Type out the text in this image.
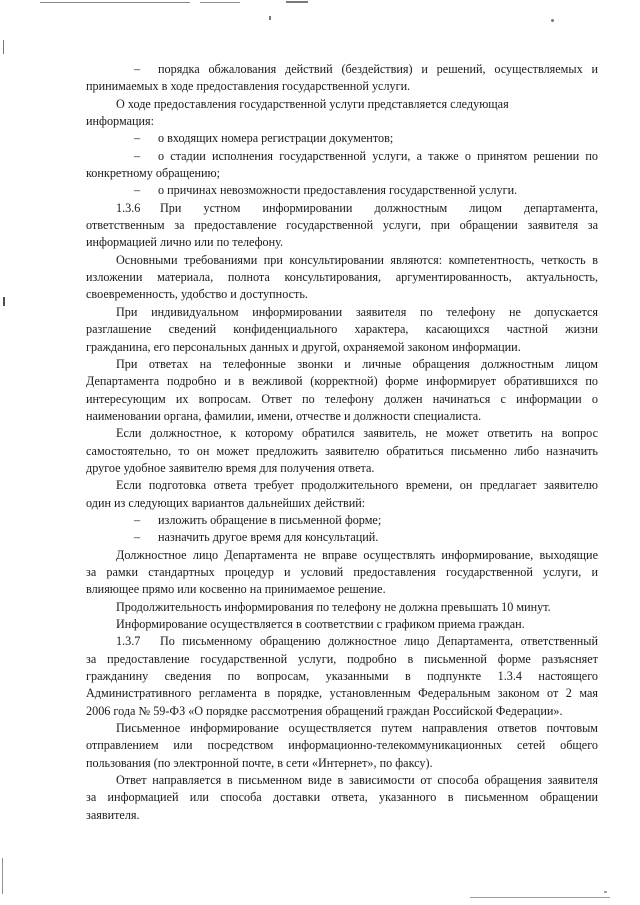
– порядка обжалования действий (бездействия) и решений, осуществляемых и
принимаемых в ходе предоставления государственной услуги.
О ходе предоставления государственной услуги представляется следующая
информация:
– о входящих номера регистрации документов;
– о стадии исполнения государственной услуги, а также о принятом решении по
конкретному обращению;
– о причинах невозможности предоставления государственной услуги.
1.3.6 При устном информировании должностным лицом департамента,
ответственным за предоставление государственной услуги, при обращении заявителя за
информацией лично или по телефону.
Основными требованиями при консультировании являются: компетентность, четкость в
изложении материала, полнота консультирования, аргументированность, актуальность,
своевременность, удобство и доступность.
При индивидуальном информировании заявителя по телефону не допускается
разглашение сведений конфиденциального характера, касающихся частной жизни
гражданина, его персональных данных и другой, охраняемой законом информации.
При ответах на телефонные звонки и личные обращения должностным лицом
Департамента подробно и в вежливой (корректной) форме информирует обратившихся по
интересующим их вопросам. Ответ по телефону должен начинаться с информации о
наименовании органа, фамилии, имени, отчестве и должности специалиста.
Если должностное, к которому обратился заявитель, не может ответить на вопрос
самостоятельно, то он может предложить заявителю обратиться письменно либо назначить
другое удобное заявителю время для получения ответа.
Если подготовка ответа требует продолжительного времени, он предлагает заявителю
один из следующих вариантов дальнейших действий:
– изложить обращение в письменной форме;
– назначить другое время для консультаций.
Должностное лицо Департамента не вправе осуществлять информирование, выходящие
за рамки стандартных процедур и условий предоставления государственной услуги, и
влияющее прямо или косвенно на принимаемое решение.
Продолжительность информирования по телефону не должна превышать 10 минут.
Информирование осуществляется в соответствии с графиком приема граждан.
1.3.7 По письменному обращению должностное лицо Департамента, ответственный
за предоставление государственной услуги, подробно в письменной форме разъясняет
гражданину сведения по вопросам, указанными в подпункте 1.3.4 настоящего
Административного регламента в порядке, установленным Федеральным законом от 2 мая
2006 года № 59-ФЗ «О порядке рассмотрения обращений граждан Российской Федерации».
Письменное информирование осуществляется путем направления ответов почтовым
отправлением или посредством информационно-телекоммуникационных сетей общего
пользования (по электронной почте, в сети «Интернет», по факсу).
Ответ направляется в письменном виде в зависимости от способа обращения заявителя
за информацией или способа доставки ответа, указанного в письменном обращении
заявителя.
